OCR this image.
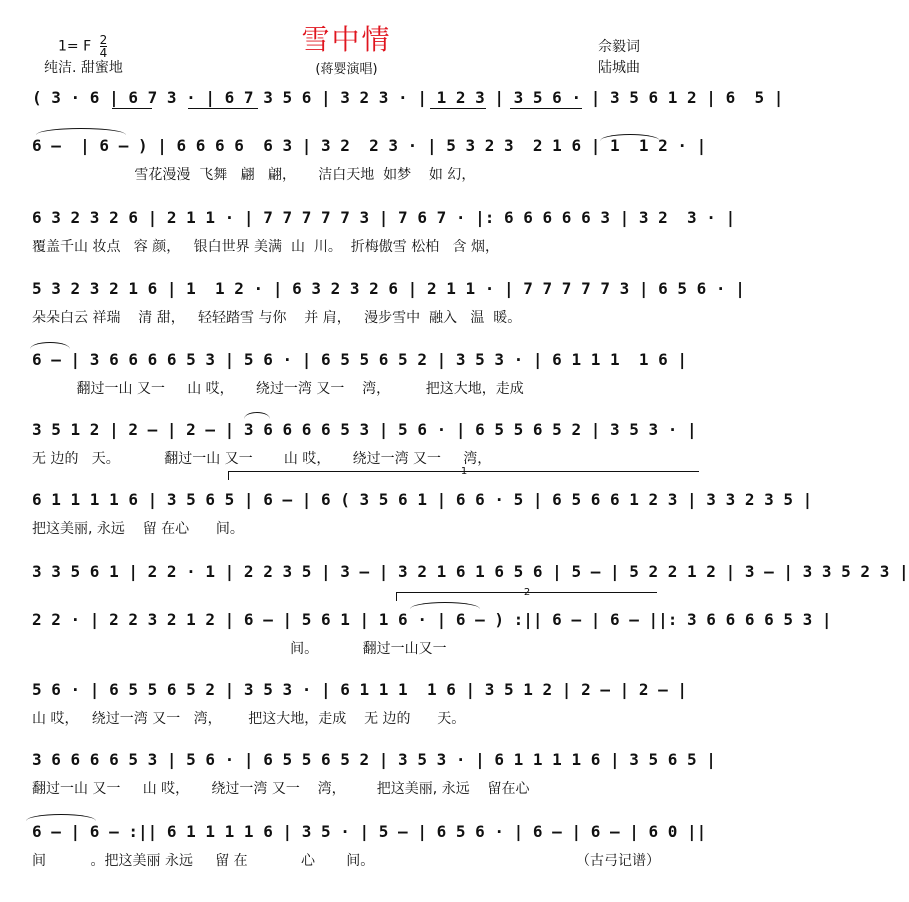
雪中情
(蒋婴演唱)
1= F $\frac{2}{4}$
纯洁. 甜蜜地
佘毅词
陆城曲
（古弓记谱）
( 3 · 6 | 6 7 3 · | 6 7 3 5 6 | 3 2 3 · | 1 2 3 | 3 5 6 · | 3 5 6 1 2 | 6  5 |
6 –  | 6 – ) | 6 6 6 6  6 3 | 3 2  2 3 · | 5 3 2 3  2 1 6 | 1  1 2 · |
雪花漫漫  飞舞   翩   翩，     洁白天地  如梦    如 幻，
6 3 2 3 2 6 | 2 1 1 · | 7 7 7 7 7 3 | 7 6 7 · |: 6 6 6 6 6 3 | 3 2  3 · |
覆盖千山 妆点   容 颜，   银白世界 美满  山  川。  折梅傲雪 松柏   含 烟，
5 3 2 3 2 1 6 | 1  1 2 · | 6 3 2 3 2 6 | 2 1 1 · | 7 7 7 7 7 3 | 6 5 6 · |
朵朵白云 祥瑞    清 甜，   轻轻踏雪 与你    并 肩，   漫步雪中  融入   温  暖。
6 – | 3 6 6 6 6 5 3 | 5 6 · | 6 5 5 6 5 2 | 3 5 3 · | 6 1 1 1  1 6 |
翻过一山 又一     山 哎，     绕过一湾 又一    湾，        把这大地，走成
3 5 1 2 | 2 – | 2 – | 3 6 6 6 6 5 3 | 5 6 · | 6 5 5 6 5 2 | 3 5 3 · |
无 边的   天。          翻过一山 又一       山 哎，     绕过一湾 又一     湾，
1
6 1 1 1 1 6 | 3 5 6 5 | 6 – | 6 ( 3 5 6 1 | 6 6 · 5 | 6 5 6 6 1 2 3 | 3 3 2 3 5 |
把这美丽, 永远    留 在心      间。
3 3 5 6 1 | 2 2 · 1 | 2 2 3 5 | 3 – | 3 2 1 6 1 6 5 6 | 5 – | 5 2 2 1 2 | 3 – | 3 3 5 2 3 |
2
2 2 · | 2 2 3 2 1 2 | 6 – | 5 6 1 | 1 6 · | 6 – ) :|| 6 – | 6 – ||: 3 6 6 6 6 5 3 |
间。          翻过一山又一
5 6 · | 6 5 5 6 5 2 | 3 5 3 · | 6 1 1 1  1 6 | 3 5 1 2 | 2 – | 2 – |
山 哎，   绕过一湾 又一   湾，      把这大地，走成    无 边的      天。
3 6 6 6 6 5 3 | 5 6 · | 6 5 5 6 5 2 | 3 5 3 · | 6 1 1 1 1 6 | 3 5 6 5 |
翻过一山 又一     山 哎，     绕过一湾 又一    湾，       把这美丽, 永远    留在心
6 – | 6 – :|| 6 1 1 1 1 6 | 3 5 · | 5 – | 6 5 6 · | 6 – | 6 – | 6 0 ||
间          。把这美丽 永远     留 在            心       间。
